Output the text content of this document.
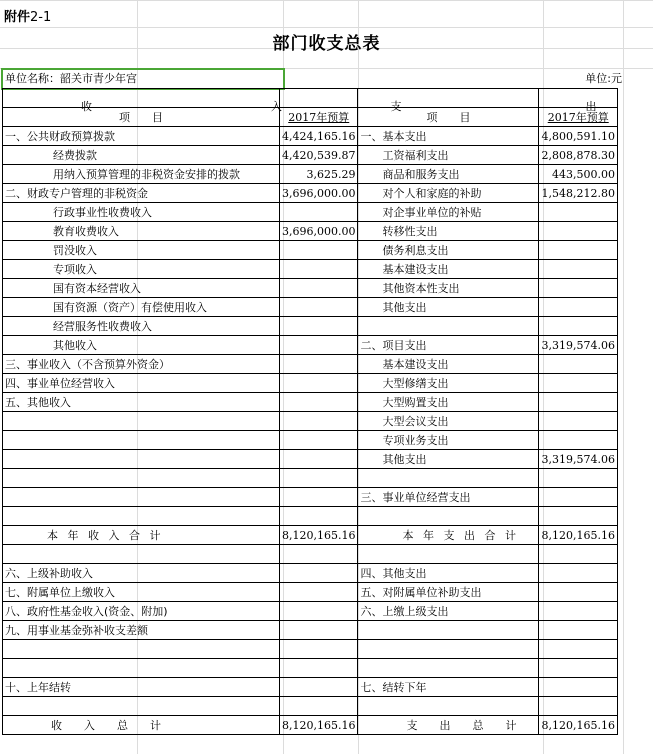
附件2-1
部门收支总表
单位名称：韶关市青少年宫	单位:元
收 入		支	出

项　　目	2017年预算	项　　目	2017年预算
一、公共财政预算拨款	4,424,165.16	一、基本支出	4,800,591.10
经费拨款	4,420,539.87	工资福利支出	2,808,878.30
用纳入预算管理的非税资金安排的拨款	3,625.29	商品和服务支出	443,500.00
二、财政专户管理的非税资金	3,696,000.00	对个人和家庭的补助	1,548,212.80
行政事业性收费收入		对企事业单位的补贴	
教育收费收入	3,696,000.00	转移性支出	
罚没收入		债务利息支出	
专项收入		基本建设支出	
国有资本经营收入		其他资本性支出	
国有资源（资产）有偿使用收入		其他支出	
经营服务性收费收入			
其他收入		二、项目支出	3,319,574.06
三、事业收入（不含预算外资金）		基本建设支出	
四、事业单位经营收入		大型修缮支出	
五、其他收入		大型购置支出	
		大型会议支出	
		专项业务支出	
		其他支出	3,319,574.06

		三、事业单位经营支出	

本 年 收 入 合 计	8,120,165.16	本 年 支 出 合 计	8,120,165.16

六、上级补助收入		四、其他支出	
七、附属单位上缴收入		五、对附属单位补助支出	
八、政府性基金收入(资金、附加)		六、上缴上级支出	
九、用事业基金弥补收支差额			

十、上年结转		七、结转下年	

收　　入　　总　　计	8,120,165.16	支　　出　　总　　计	8,120,165.16
